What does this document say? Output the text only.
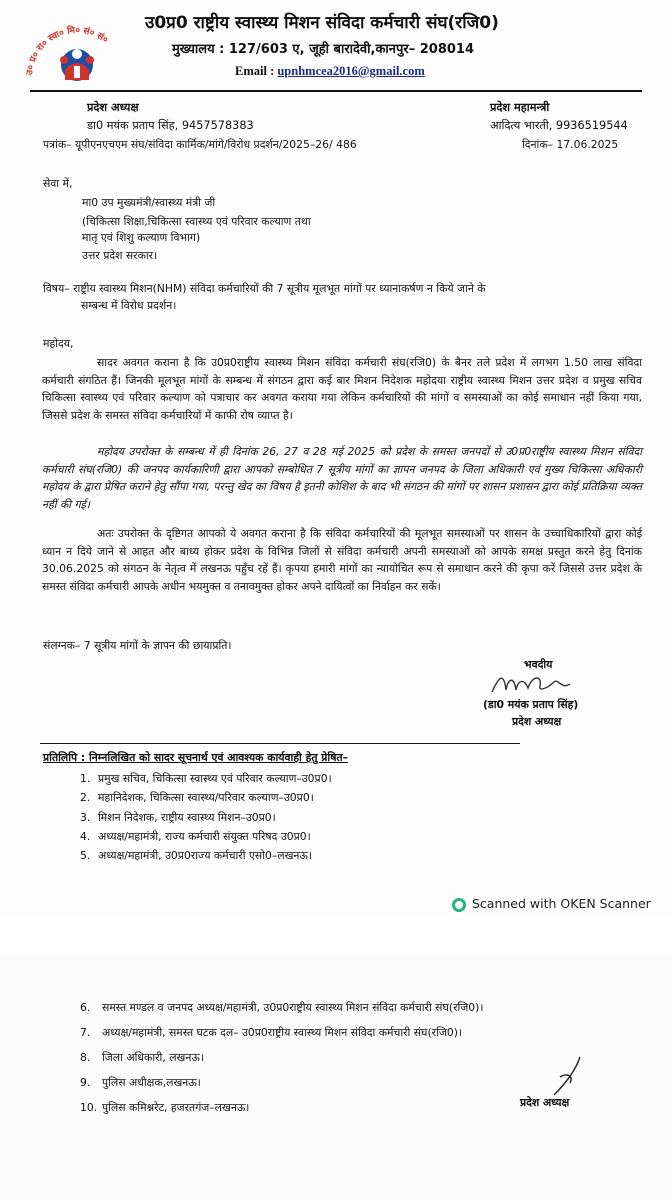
उ० प्र० रा० स्वा० मि० सं० सं०
उ0प्र0 राष्ट्रीय स्वास्थ्य मिशन संविदा कर्मचारी संघ(रजि0)
मुख्यालय : 127/603 ए, जूही बारादेवी,कानपुर– 208014
Email : upnhmcea2016@gmail.com
प्रदेश अध्यक्ष
डा0 मयंक प्रताप सिंह, 9457578383
प्रदेश महामन्त्री
आदित्य भारती, 9936519544
पत्रांक– यूपीएनएचएम संघ/संविदा कार्मिक/मांगे/विरोध प्रदर्शन/2025–26/ 486	दिनांक– 17.06.2025
सेवा में,
मा0 उप मुख्यमंत्री/स्वास्थ्य मंत्री जी
(चिकित्सा शिक्षा,चिकित्सा स्वास्थ्य एवं परिवार कल्याण तथा
मातृ एवं शिशु कल्याण विभाग)
उत्तर प्रदेश सरकार।
विषय– राष्ट्रीय स्वास्थ्य मिशन(NHM) संविदा कर्मचारियों की 7 सूत्रीय मूलभूत मांगों पर ध्यानाकर्षण न किये जाने के
सम्बन्ध में विरोध प्रदर्शन।
महोदय,
सादर अवगत कराना है कि उ0प्र0राष्ट्रीय स्वास्थ्य मिशन संविदा कर्मचारी संघ(रजि0) के बैनर तले प्रदेश में लगभग 1.50 लाख संविदा कर्मचारी संगठित हैं। जिनकी मूलभूत मांगों के सम्बन्ध में संगठन द्वारा कई बार मिशन निदेशक महोदया राष्ट्रीय स्वास्थ्य मिशन उत्तर प्रदेश व प्रमुख सचिव चिकित्सा स्वास्थ्य एवं परिवार कल्याण को पत्राचार कर अवगत कराया गया लेकिन कर्मचारियों की मांगों व समस्याओं का कोई समाधान नहीं किया गया, जिससे प्रदेश के समस्त संविदा कर्मचारियों में काफी रोष व्याप्त है।
महोदय उपरोक्त के सम्बन्ध में ही दिनांक 26, 27 व 28 मई 2025 को प्रदेश के समस्त जनपदों से उ0प्र0राष्ट्रीय स्वास्थ्य मिशन संविदा कर्मचारी संघ(रजि0) की जनपद कार्यकारिणी द्वारा आपको सम्बोधित 7 सूत्रीय मांगों का ज्ञापन जनपद के जिला अधिकारी एवं मुख्य चिकित्सा अधिकारी महोदय के द्वारा प्रेषित कराने हेतु सौंपा गया, परन्तु खेद का विषय है इतनी कोशिश के बाद भी संगठन की मांगों पर शासन प्रशासन द्वारा कोई प्रतिक्रिया व्यक्त नहीं की गई।
अतः उपरोक्त के दृष्टिगत आपको ये अवगत कराना है कि संविदा कर्मचारियों की मूलभूत समस्याओं पर शासन के उच्चाधिकारियों द्वारा कोई ध्यान न दिये जाने से आहत और बाध्य होकर प्रदेश के विभिन्न जिलों से संविदा कर्मचारी अपनी समस्याओं को आपके समक्ष प्रस्तुत करने हेतु दिनांक 30.06.2025 को संगठन के नेतृत्व में लखनऊ पहुँच रहें हैं। कृपया हमारी मांगों का न्यायोचित रूप से समाधान करने की कृपा करें जिससे उत्तर प्रदेश के समस्त संविदा कर्मचारी आपके अधीन भयमुक्त व तनावमुक्त होकर अपने दायित्वों का निर्वाहन कर सकें।
संलग्नक– 7 सूत्रीय मांगों के ज्ञापन की छायाप्रति।
भवदीय
(डा0 मयंक प्रताप सिंह)
प्रदेश अध्यक्ष
प्रतिलिपि : निम्नलिखित को सादर सूचनार्थ एवं आवश्यक कार्यवाही हेतु प्रेषित–
1. प्रमुख सचिव, चिकित्सा स्वास्थ्य एवं परिवार कल्याण–उ0प्र0।
2. महानिदेशक, चिकित्सा स्वास्थ्य/परिवार कल्याण–उ0प्र0।
3. मिशन निदेशक, राष्ट्रीय स्वास्थ्य मिशन–उ0प्र0।
4. अध्यक्ष/महामंत्री, राज्य कर्मचारी संयुक्त परिषद उ0प्र0।
5. अध्यक्ष/महामंत्री, उ0प्र0राज्य कर्मचारी एसो0–लखनऊ।
Scanned with OKEN Scanner
6. समस्त मण्डल व जनपद अध्यक्ष/महामंत्री, उ0प्र0राष्ट्रीय स्वास्थ्य मिशन संविदा कर्मचारी संघ(रजि0)।
7. अध्यक्ष/महामंत्री, समस्त घटक दल– उ0प्र0राष्ट्रीय स्वास्थ्य मिशन संविदा कर्मचारी संघ(रजि0)।
8. जिला अधिकारी, लखनऊ।
9. पुलिस अधीक्षक,लखनऊ।
10. पुलिस कमिश्नरेट, हजरतगंज–लखनऊ।	प्रदेश अध्यक्ष
